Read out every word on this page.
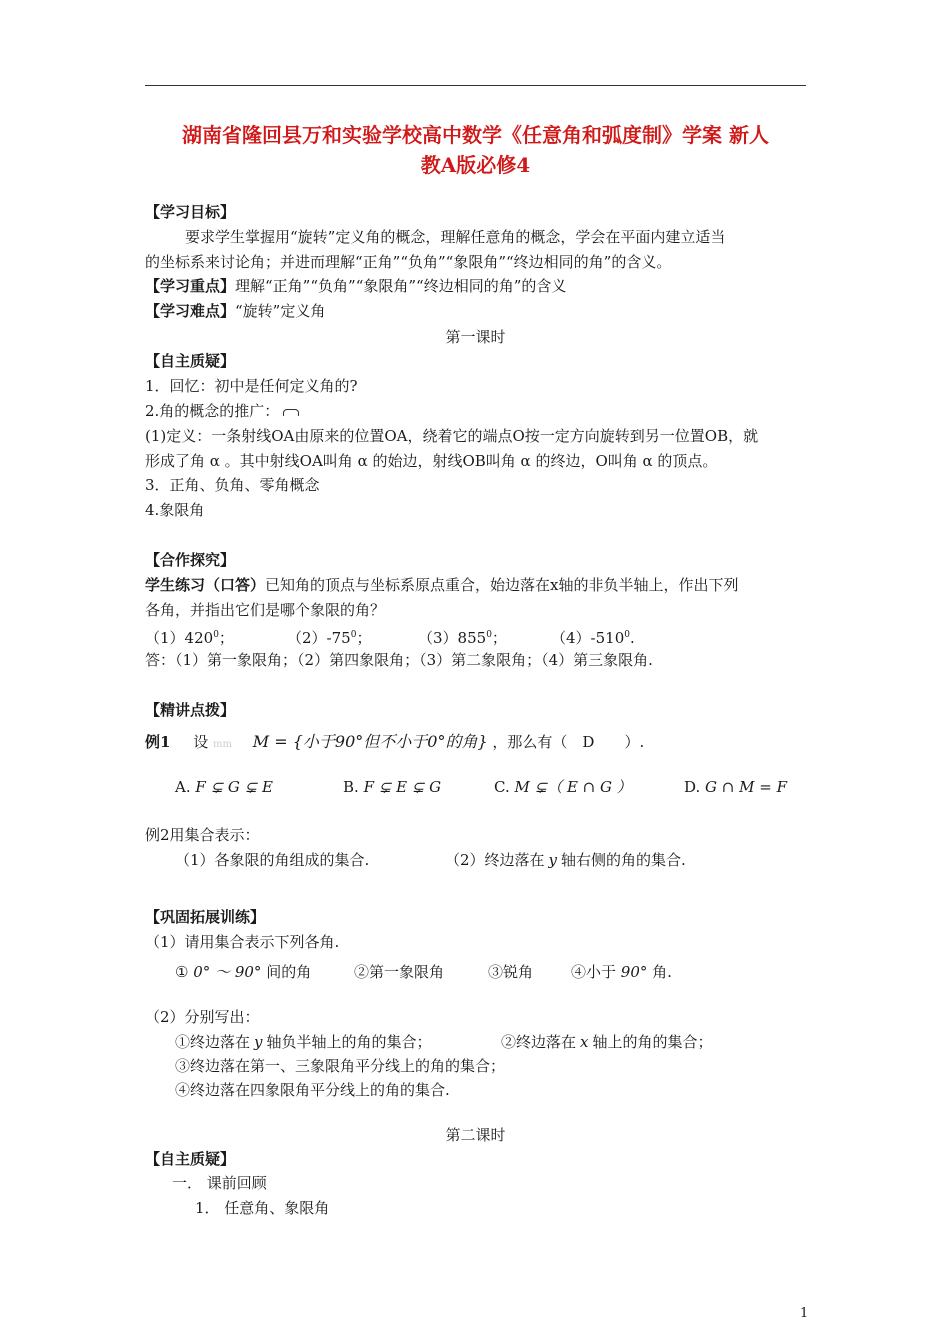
湖南省隆回县万和实验学校高中数学《任意角和弧度制》学案 新人
教A版必修4
【学习目标】
要求学生掌握用“旋转”定义角的概念，理解任意角的概念，学会在平面内建立适当
的坐标系来讨论角；并进而理解“正角”“负角”“象限角”“终边相同的角”的含义。
【学习重点】理解“正角”“负角”“象限角”“终边相同的角”的含义
【学习难点】“旋转”定义角
第一课时
【自主质疑】
1．回忆：初中是任何定义角的?
2.角的概念的推广：
(1)定义：一条射线OA由原来的位置OA，绕着它的端点O按一定方向旋转到另一位置OB，就
形成了角 α 。其中射线OA叫角 α 的始边，射线OB叫角 α 的终边，O叫角 α 的顶点。
3．正角、负角、零角概念
4.象限角
【合作探究】
学生练习（口答）已知角的顶点与坐标系原点重合，始边落在x轴的非负半轴上，作出下列
各角，并指出它们是哪个象限的角？
$(1)420^0$；	$(2)-75^0$；	$(3)855^0$；	$(4)-510^0$.
答：（1）第一象限角；（2）第四象限角；（3）第二象限角；（4）第三象限角.
【精讲点拨】
例1 设 mm M = {小于90°但不小于0°的角} ，那么有（　D　　）.
A. F ⊊ G ⊊ E	B. F ⊊ E ⊊ G	C. M ⊊（ E ∩ G ）	D. G ∩ M = F
例2用集合表示：
（1）各象限的角组成的集合.	（2）终边落在 y 轴右侧的角的集合.
【巩固拓展训练】
（1）请用集合表示下列各角.
① 0° ～ 90° 间的角	②第一象限角	③锐角	④小于 90° 角.
（2）分别写出：
①终边落在 y 轴负半轴上的角的集合；	②终边落在 x 轴上的角的集合；
③终边落在第一、三象限角平分线上的角的集合；
④终边落在四象限角平分线上的角的集合.
第二课时
【自主质疑】
一． 课前回顾
1． 任意角、象限角
1
